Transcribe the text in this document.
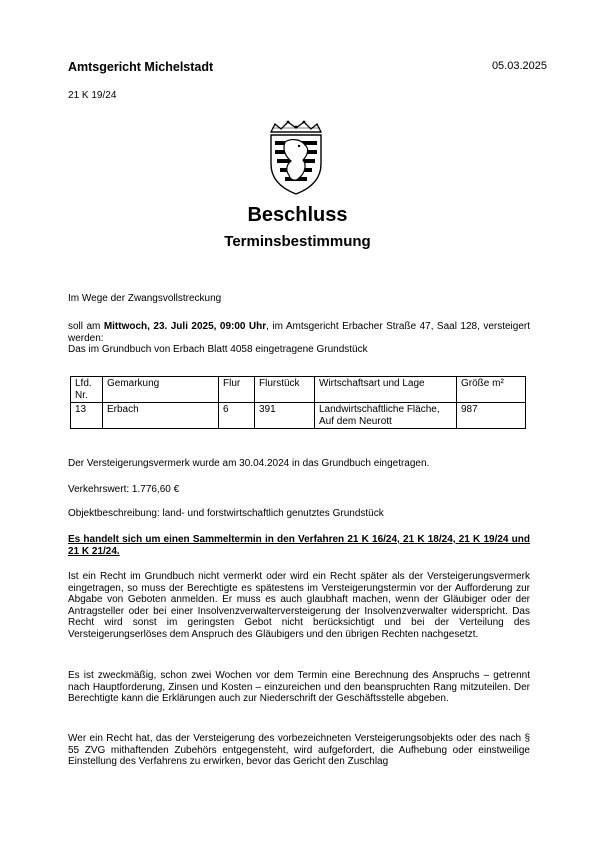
Amtsgericht Michelstadt	05.03.2025
21 K 19/24
Beschluss
Terminsbestimmung
Im Wege der Zwangsvollstreckung
soll am Mittwoch, 23. Juli 2025, 09:00 Uhr, im Amtsgericht Erbacher Straße 47, Saal 128, versteigert werden:
Das im Grundbuch von Erbach Blatt 4058 eingetragene Grundstück
Lfd. Nr.	Gemarkung	Flur	Flurstück	Wirtschaftsart und Lage	Größe m²
13	Erbach	6	391	Landwirtschaftliche Fläche, Auf dem Neurott	987
Der Versteigerungsvermerk wurde am 30.04.2024 in das Grundbuch eingetragen.
Verkehrswert: 1.776,60 €
Objektbeschreibung: land- und forstwirtschaftlich genutztes Grundstück
Es handelt sich um einen Sammeltermin in den Verfahren 21 K 16/24, 21 K 18/24, 21 K 19/24 und 21 K 21/24.
Ist ein Recht im Grundbuch nicht vermerkt oder wird ein Recht später als der Versteigerungsvermerk eingetragen, so muss der Berechtigte es spätestens im Versteigerungstermin vor der Aufforderung zur Abgabe von Geboten anmelden. Er muss es auch glaubhaft machen, wenn der Gläubiger oder der Antragsteller oder bei einer Insolvenzverwalterversteigerung der Insolvenzverwalter widerspricht. Das Recht wird sonst im geringsten Gebot nicht berücksichtigt und bei der Verteilung des Versteigerungserlöses dem Anspruch des Gläubigers und den übrigen Rechten nachgesetzt.
Es ist zweckmäßig, schon zwei Wochen vor dem Termin eine Berechnung des Anspruchs – getrennt nach Hauptforderung, Zinsen und Kosten – einzureichen und den beanspruchten Rang mitzuteilen. Der Berechtigte kann die Erklärungen auch zur Niederschrift der Geschäftsstelle abgeben.
Wer ein Recht hat, das der Versteigerung des vorbezeichneten Versteigerungsobjekts oder des nach § 55 ZVG mithaftenden Zubehörs entgegensteht, wird aufgefordert, die Aufhebung oder einstweilige Einstellung des Verfahrens zu erwirken, bevor das Gericht den Zuschlag
